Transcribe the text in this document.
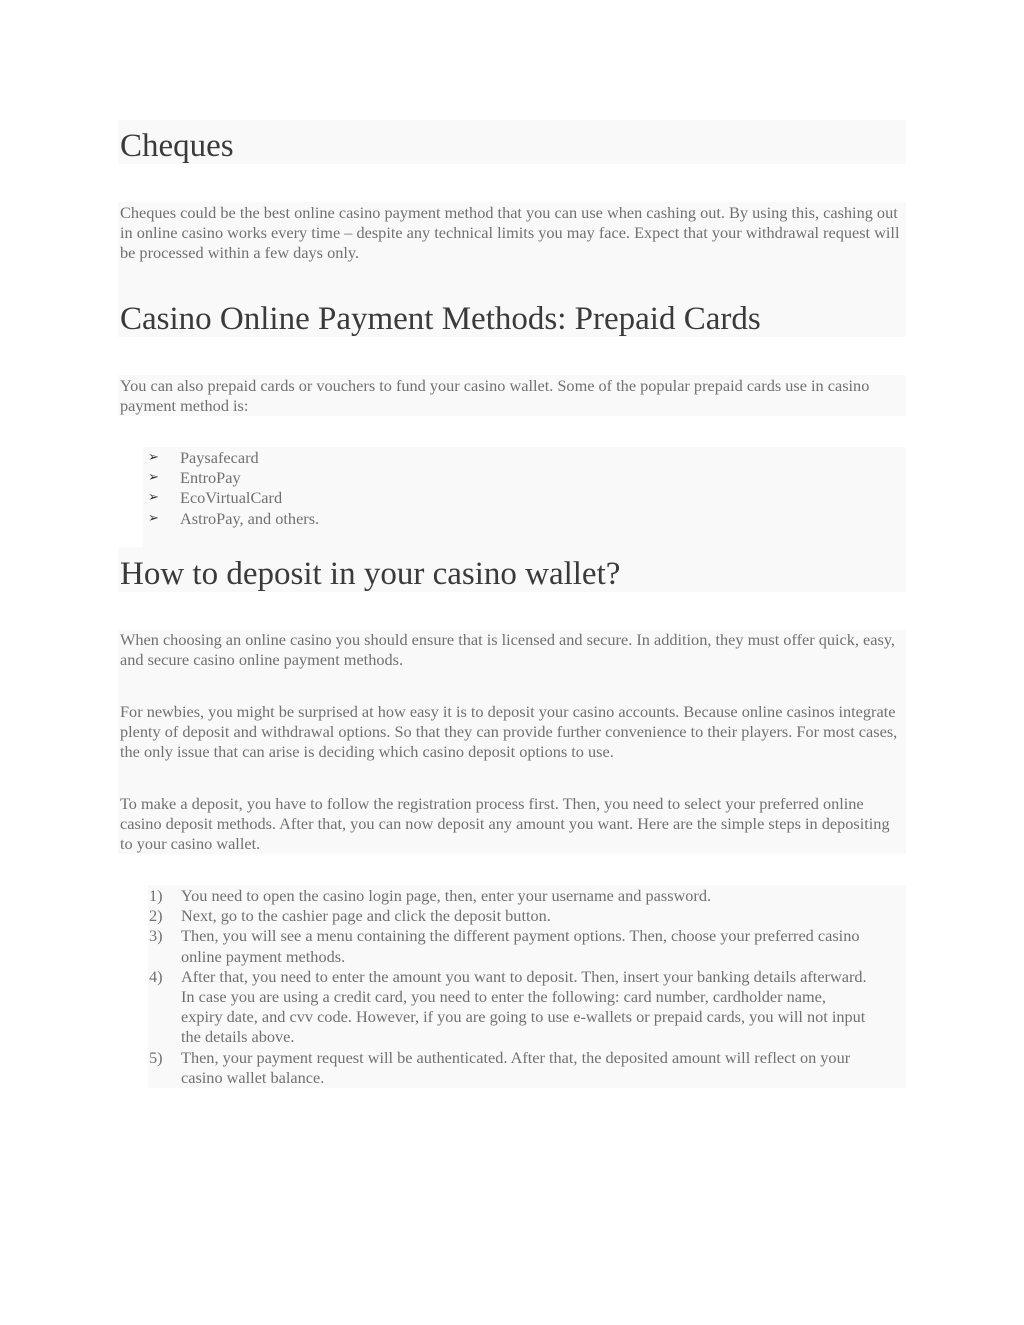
Cheques

Cheques could be the best online casino payment method that you can use when cashing out. By using this, cashing out in online casino works every time – despite any technical limits you may face. Expect that your withdrawal request will be processed within a few days only.

Casino Online Payment Methods: Prepaid Cards

You can also prepaid cards or vouchers to fund your casino wallet. Some of the popular prepaid cards use in casino payment method is:

➢ Paysafecard
➢ EntroPay
➢ EcoVirtualCard
➢ AstroPay, and others.
How to deposit in your casino wallet?

When choosing an online casino you should ensure that is licensed and secure. In addition, they must offer quick, easy, and secure casino online payment methods.

For newbies, you might be surprised at how easy it is to deposit your casino accounts. Because online casinos integrate plenty of deposit and withdrawal options. So that they can provide further convenience to their players. For most cases, the only issue that can arise is deciding which casino deposit options to use.

To make a deposit, you have to follow the registration process first. Then, you need to select your preferred online casino deposit methods. After that, you can now deposit any amount you want. Here are the simple steps in depositing to your casino wallet.

1) You need to open the casino login page, then, enter your username and password.
2) Next, go to the cashier page and click the deposit button.
3) Then, you will see a menu containing the different payment options. Then, choose your preferred casino online payment methods.
4) After that, you need to enter the amount you want to deposit. Then, insert your banking details afterward. In case you are using a credit card, you need to enter the following: card number, cardholder name, expiry date, and cvv code. However, if you are going to use e-wallets or prepaid cards, you will not input the details above.
5) Then, your payment request will be authenticated. After that, the deposited amount will reflect on your casino wallet balance.
